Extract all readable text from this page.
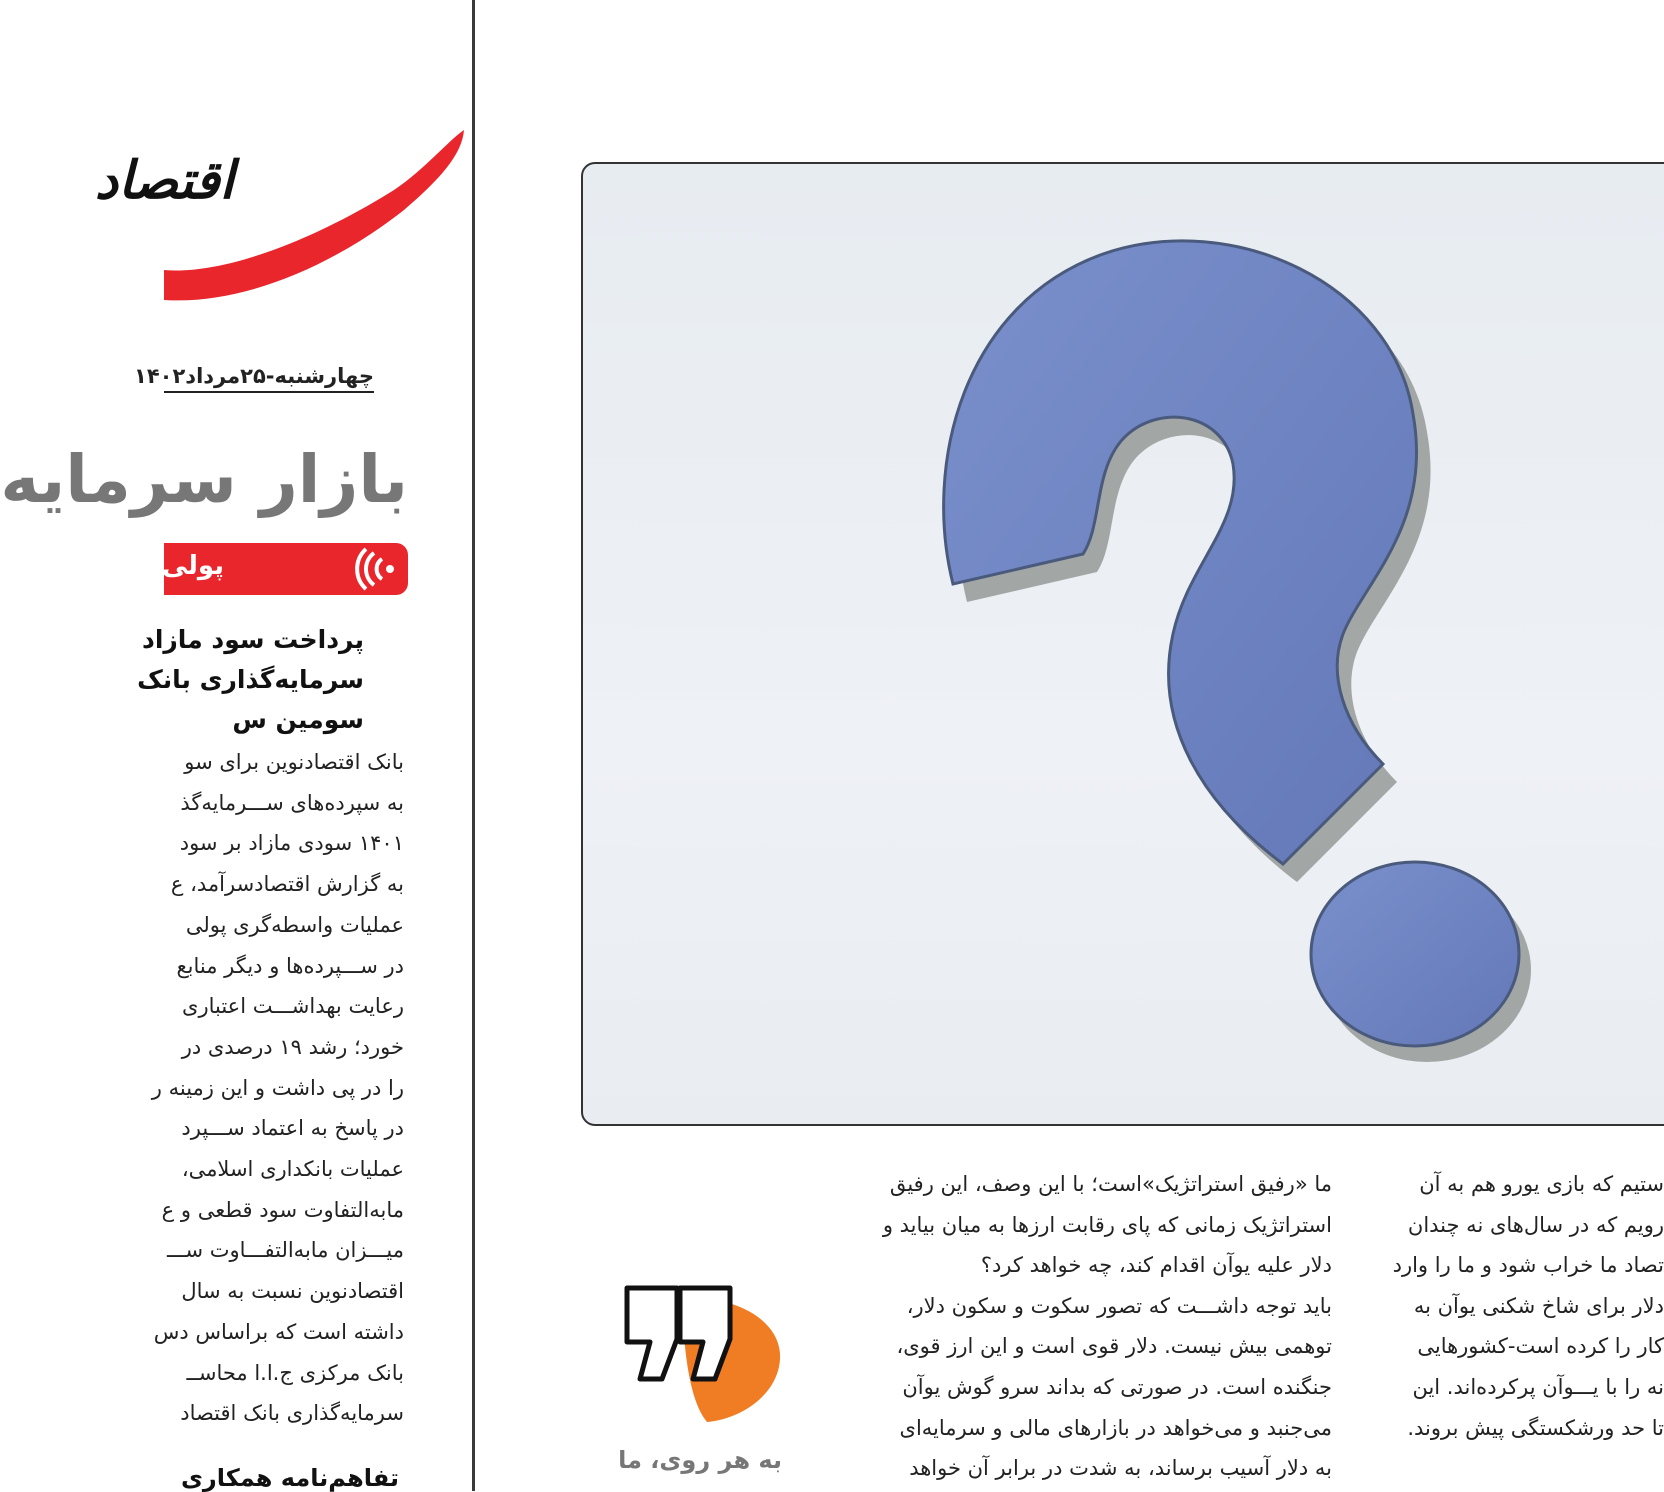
اقتصاد
چهارشنبه-۲۵مرداد۱۴۰۲
بازار سرمایه
پولی
پرداخت سود مازاد
سرمایه‌گذاری بانک
سومین س
بانک اقتصادنوین برای سو
به سپرده‌های ســـرمایه‌گذ
۱۴۰۱ سودی مازاد بر سود
به گزارش اقتصادسرآمد، ع
عملیات واسطه‌گری پولی
در ســـپرده‌ها و دیگر منابع
رعایت بهداشـــت اعتباری
خورد؛ رشد ۱۹ درصدی در
را در پی داشت و این زمینه ر
در پاسخ به اعتماد ســـپرد
عملیات بانکداری اسلامی،
مابه‌التفاوت سود قطعی و ع
میـــزان مابه‌التفـــاوت ســـ
اقتصادنوین نسبت به سال
داشته است که براساس دس
بانک مرکزی ج.ا.ا محاســ
سرمایه‌گذاری بانک اقتصاد
تفاهم‌نامه همکاری
به هر روی، ما
ما «رفیق استراتژیک»است؛ با این وصف، این رفیق
استراتژیک زمانی که پای رقابت ارزها به میان بیاید و
دلار علیه یوآن اقدام کند، چه خواهد کرد؟
باید توجه داشـــت که تصور سکوت و سکون دلار،
توهمی بیش نیست. دلار قوی است و این ارز قوی،
جنگنده است. در صورتی که بداند سرو گوش یوآن
می‌جنبد و می‌خواهد در بازارهای مالی و سرمایه‌ای
به دلار آسیب برساند، به شدت در برابر آن خواهد
ستیم که بازی یورو هم به آن
رویم که در سال‌های نه چندان
تصاد ما خراب شود و ما را وارد
دلار برای شاخ شکنی یوآن به
کار را کرده است-کشورهایی
نه را با یـــوآن پرکرده‌اند. این
تا حد ورشکستگی پیش بروند.
